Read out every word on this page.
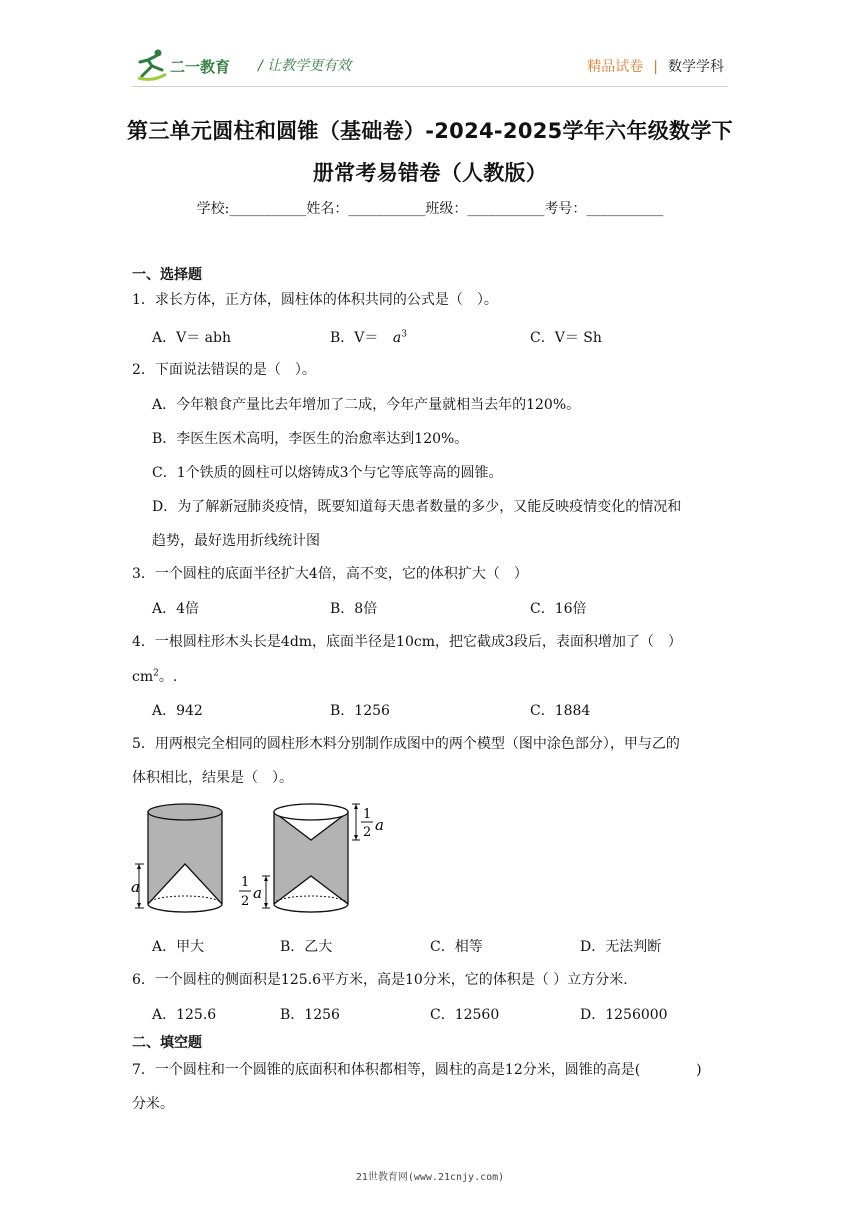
二一教育 / 让教学更有效	精品试卷 | 数学学科
第三单元圆柱和圆锥（基础卷）-2024-2025学年六年级数学下
册常考易错卷（人教版）
学校:___________姓名：___________班级：___________考号：___________
一、选择题
1．求长方体，正方体，圆柱体的体积共同的公式是（　）。
A．V＝ abh	B．$V= a^3$	C．V＝ Sh
2．下面说法错误的是（　）。
A．今年粮食产量比去年增加了二成，今年产量就相当去年的120%。
B．李医生医术高明，李医生的治愈率达到120%。
C．1个铁质的圆柱可以熔铸成3个与它等底等高的圆锥。
D．为了解新冠肺炎疫情，既要知道每天患者数量的多少，又能反映疫情变化的情况和
趋势，最好选用折线统计图
3．一个圆柱的底面半径扩大4倍，高不变，它的体积扩大（　）
A．4倍	B．8倍	C．16倍
4．一根圆柱形木头长是4dm，底面半径是10cm，把它截成3段后，表面积增加了（　）
$cm^2$。.
A．942	B．1256	C．1884
5．用两根完全相同的圆柱形木料分别制作成图中的两个模型（图中涂色部分），甲与乙的
体积相比，结果是（　）。
a
1
2 a
1
2 a
A．甲大	B．乙大	C．相等	D．无法判断
6．一个圆柱的侧面积是125.6平方米，高是10分米，它的体积是（ ）立方分米.
A．125.6	B．1256	C．12560	D．1256000
二、填空题
7．一个圆柱和一个圆锥的底面积和体积都相等，圆柱的高是12分米，圆锥的高是(　　　　)
分米。
21世教育网(www.21cnjy.com)
